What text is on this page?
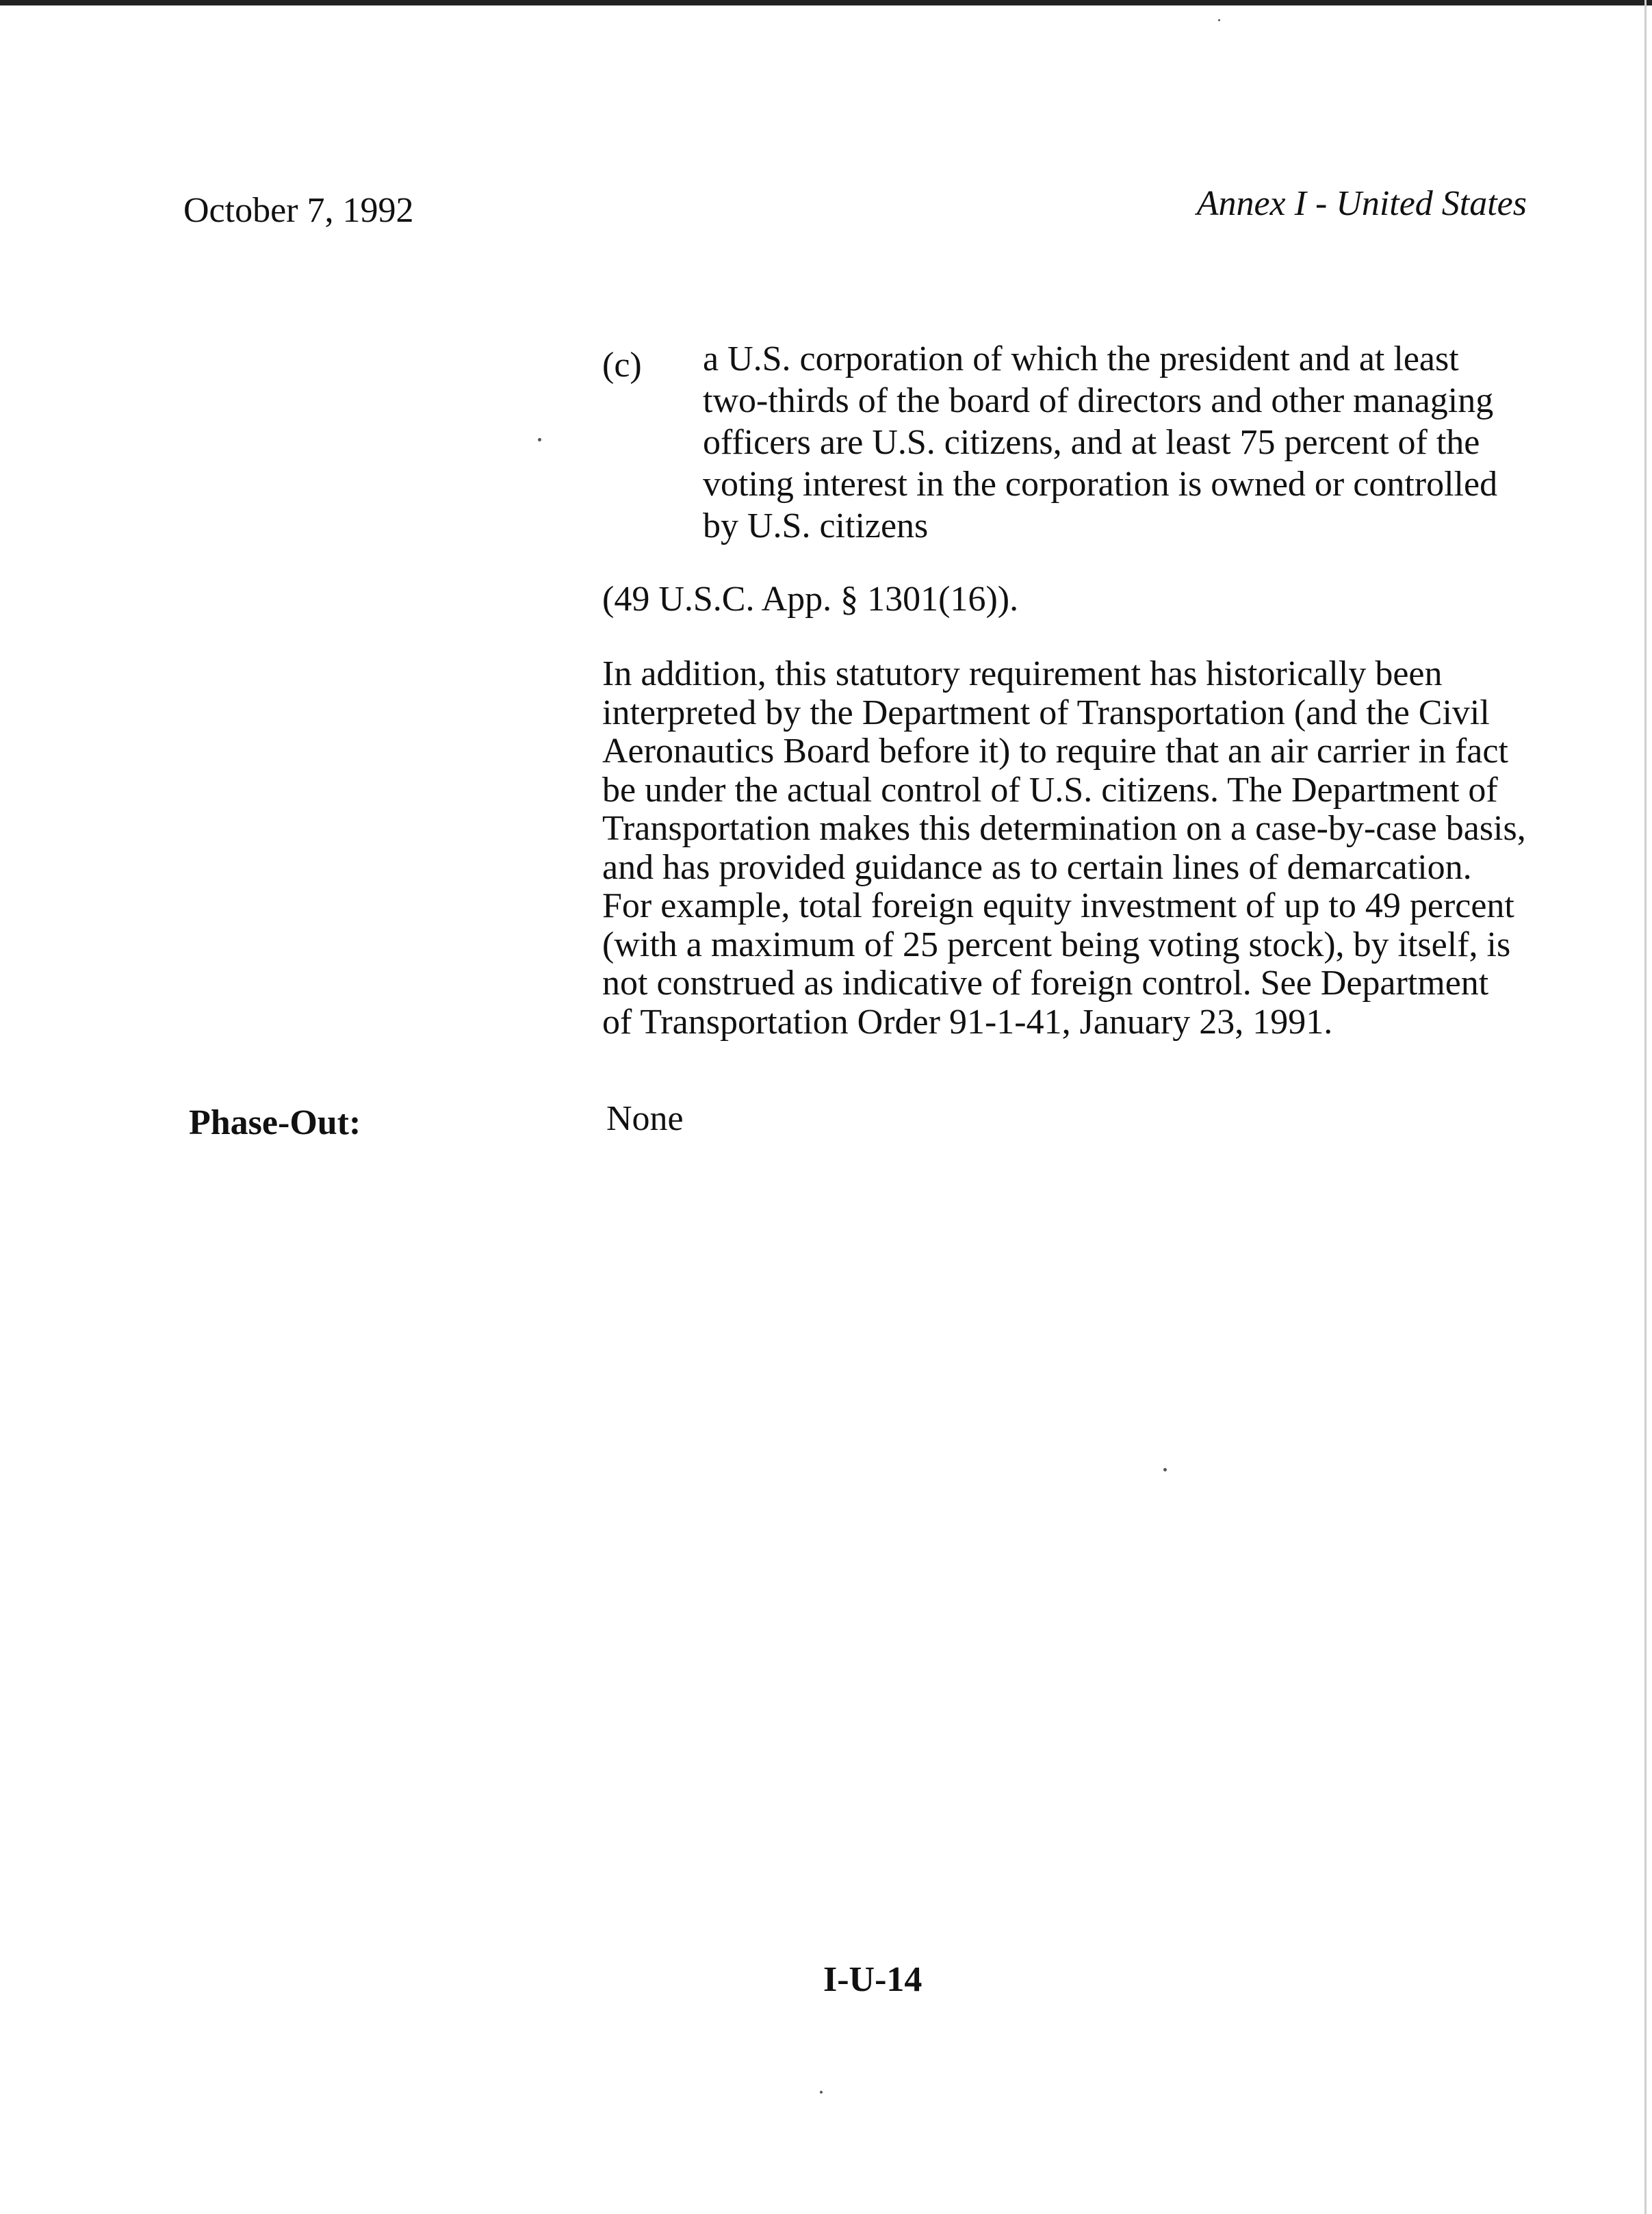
October 7, 1992	Annex I - United States
(c) a U.S. corporation of which the president and at least
two-thirds of the board of directors and other managing
officers are U.S. citizens, and at least 75 percent of the
voting interest in the corporation is owned or controlled
by U.S. citizens
(49 U.S.C. App. § 1301(16)).
In addition, this statutory requirement has historically been
interpreted by the Department of Transportation (and the Civil
Aeronautics Board before it) to require that an air carrier in fact
be under the actual control of U.S. citizens. The Department of
Transportation makes this determination on a case-by-case basis,
and has provided guidance as to certain lines of demarcation.
For example, total foreign equity investment of up to 49 percent
(with a maximum of 25 percent being voting stock), by itself, is
not construed as indicative of foreign control. See Department
of Transportation Order 91-1-41, January 23, 1991.
Phase-Out:	None
I-U-14
